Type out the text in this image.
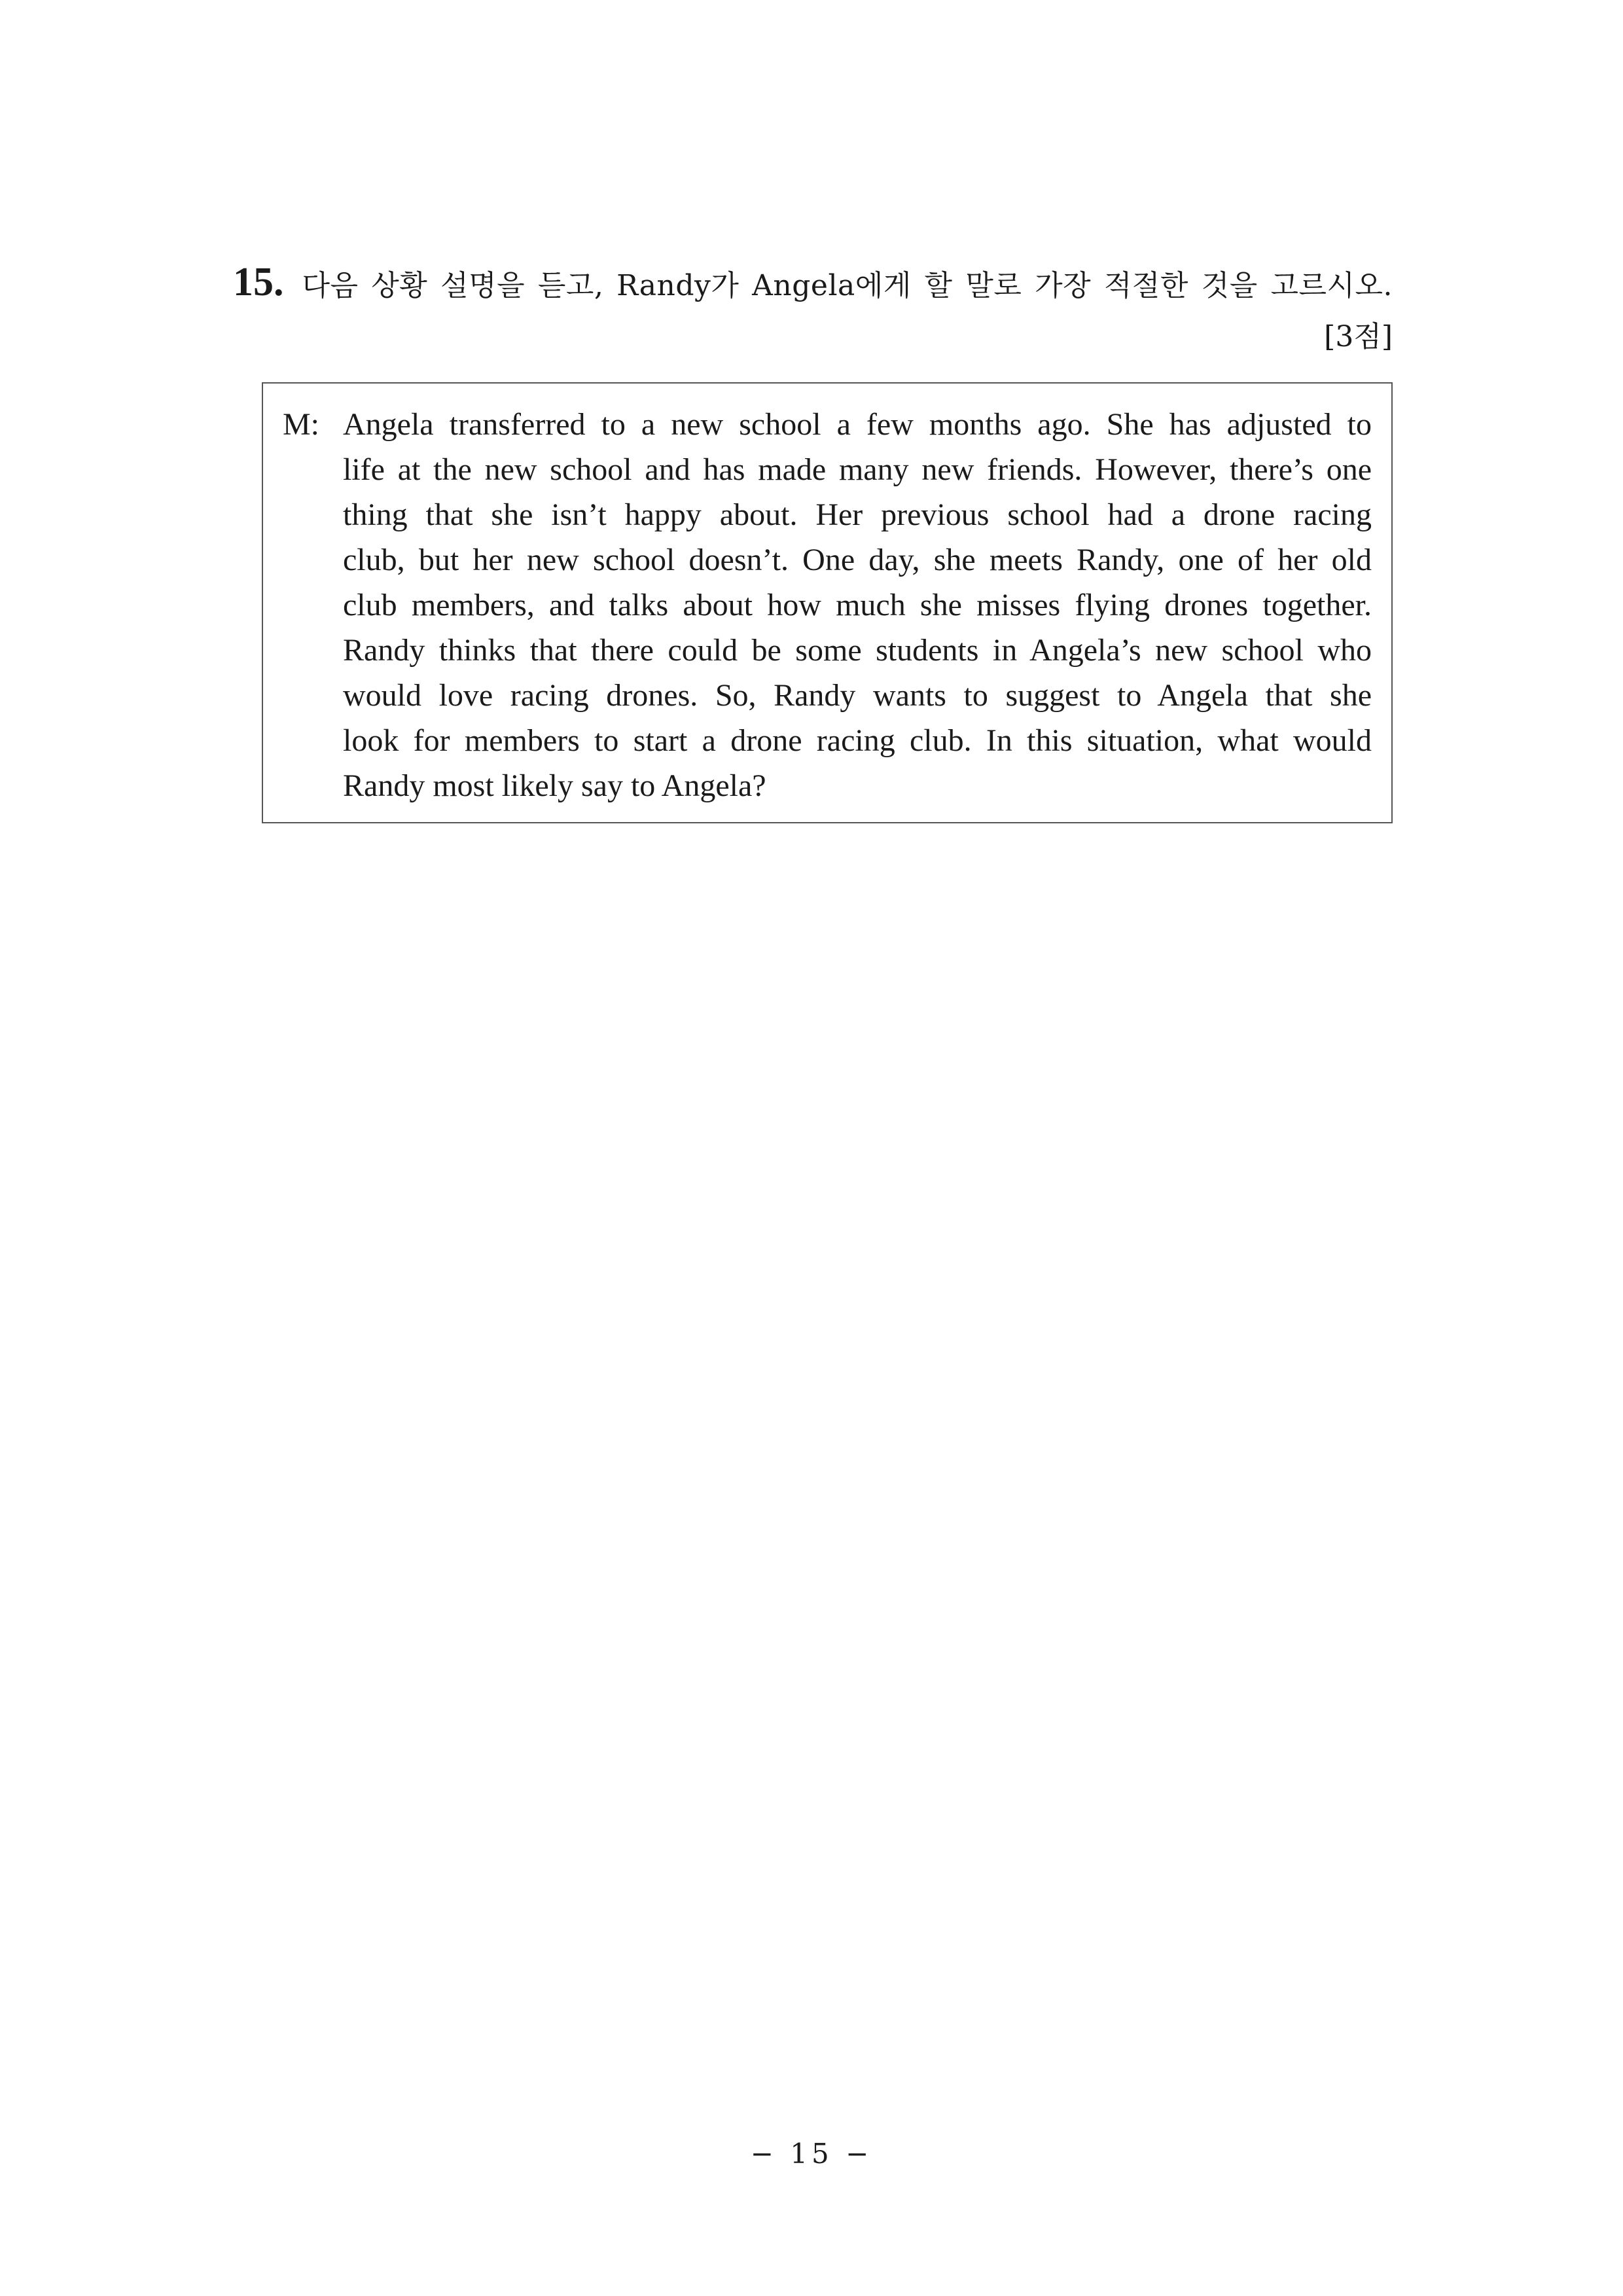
15. 다음 상황 설명을 듣고, Randy가 Angela에게 할 말로 가장 적절한 것을 고르시오.
[3점]
M: Angela transferred to a new school a few months ago. She has adjusted to
life at the new school and has made many new friends. However, there’s one
thing that she isn’t happy about. Her previous school had a drone racing
club, but her new school doesn’t. One day, she meets Randy, one of her old
club members, and talks about how much she misses flying drones together.
Randy thinks that there could be some students in Angela’s new school who
would love racing drones. So, Randy wants to suggest to Angela that she
look for members to start a drone racing club. In this situation, what would
Randy most likely say to Angela?
− 15 −
